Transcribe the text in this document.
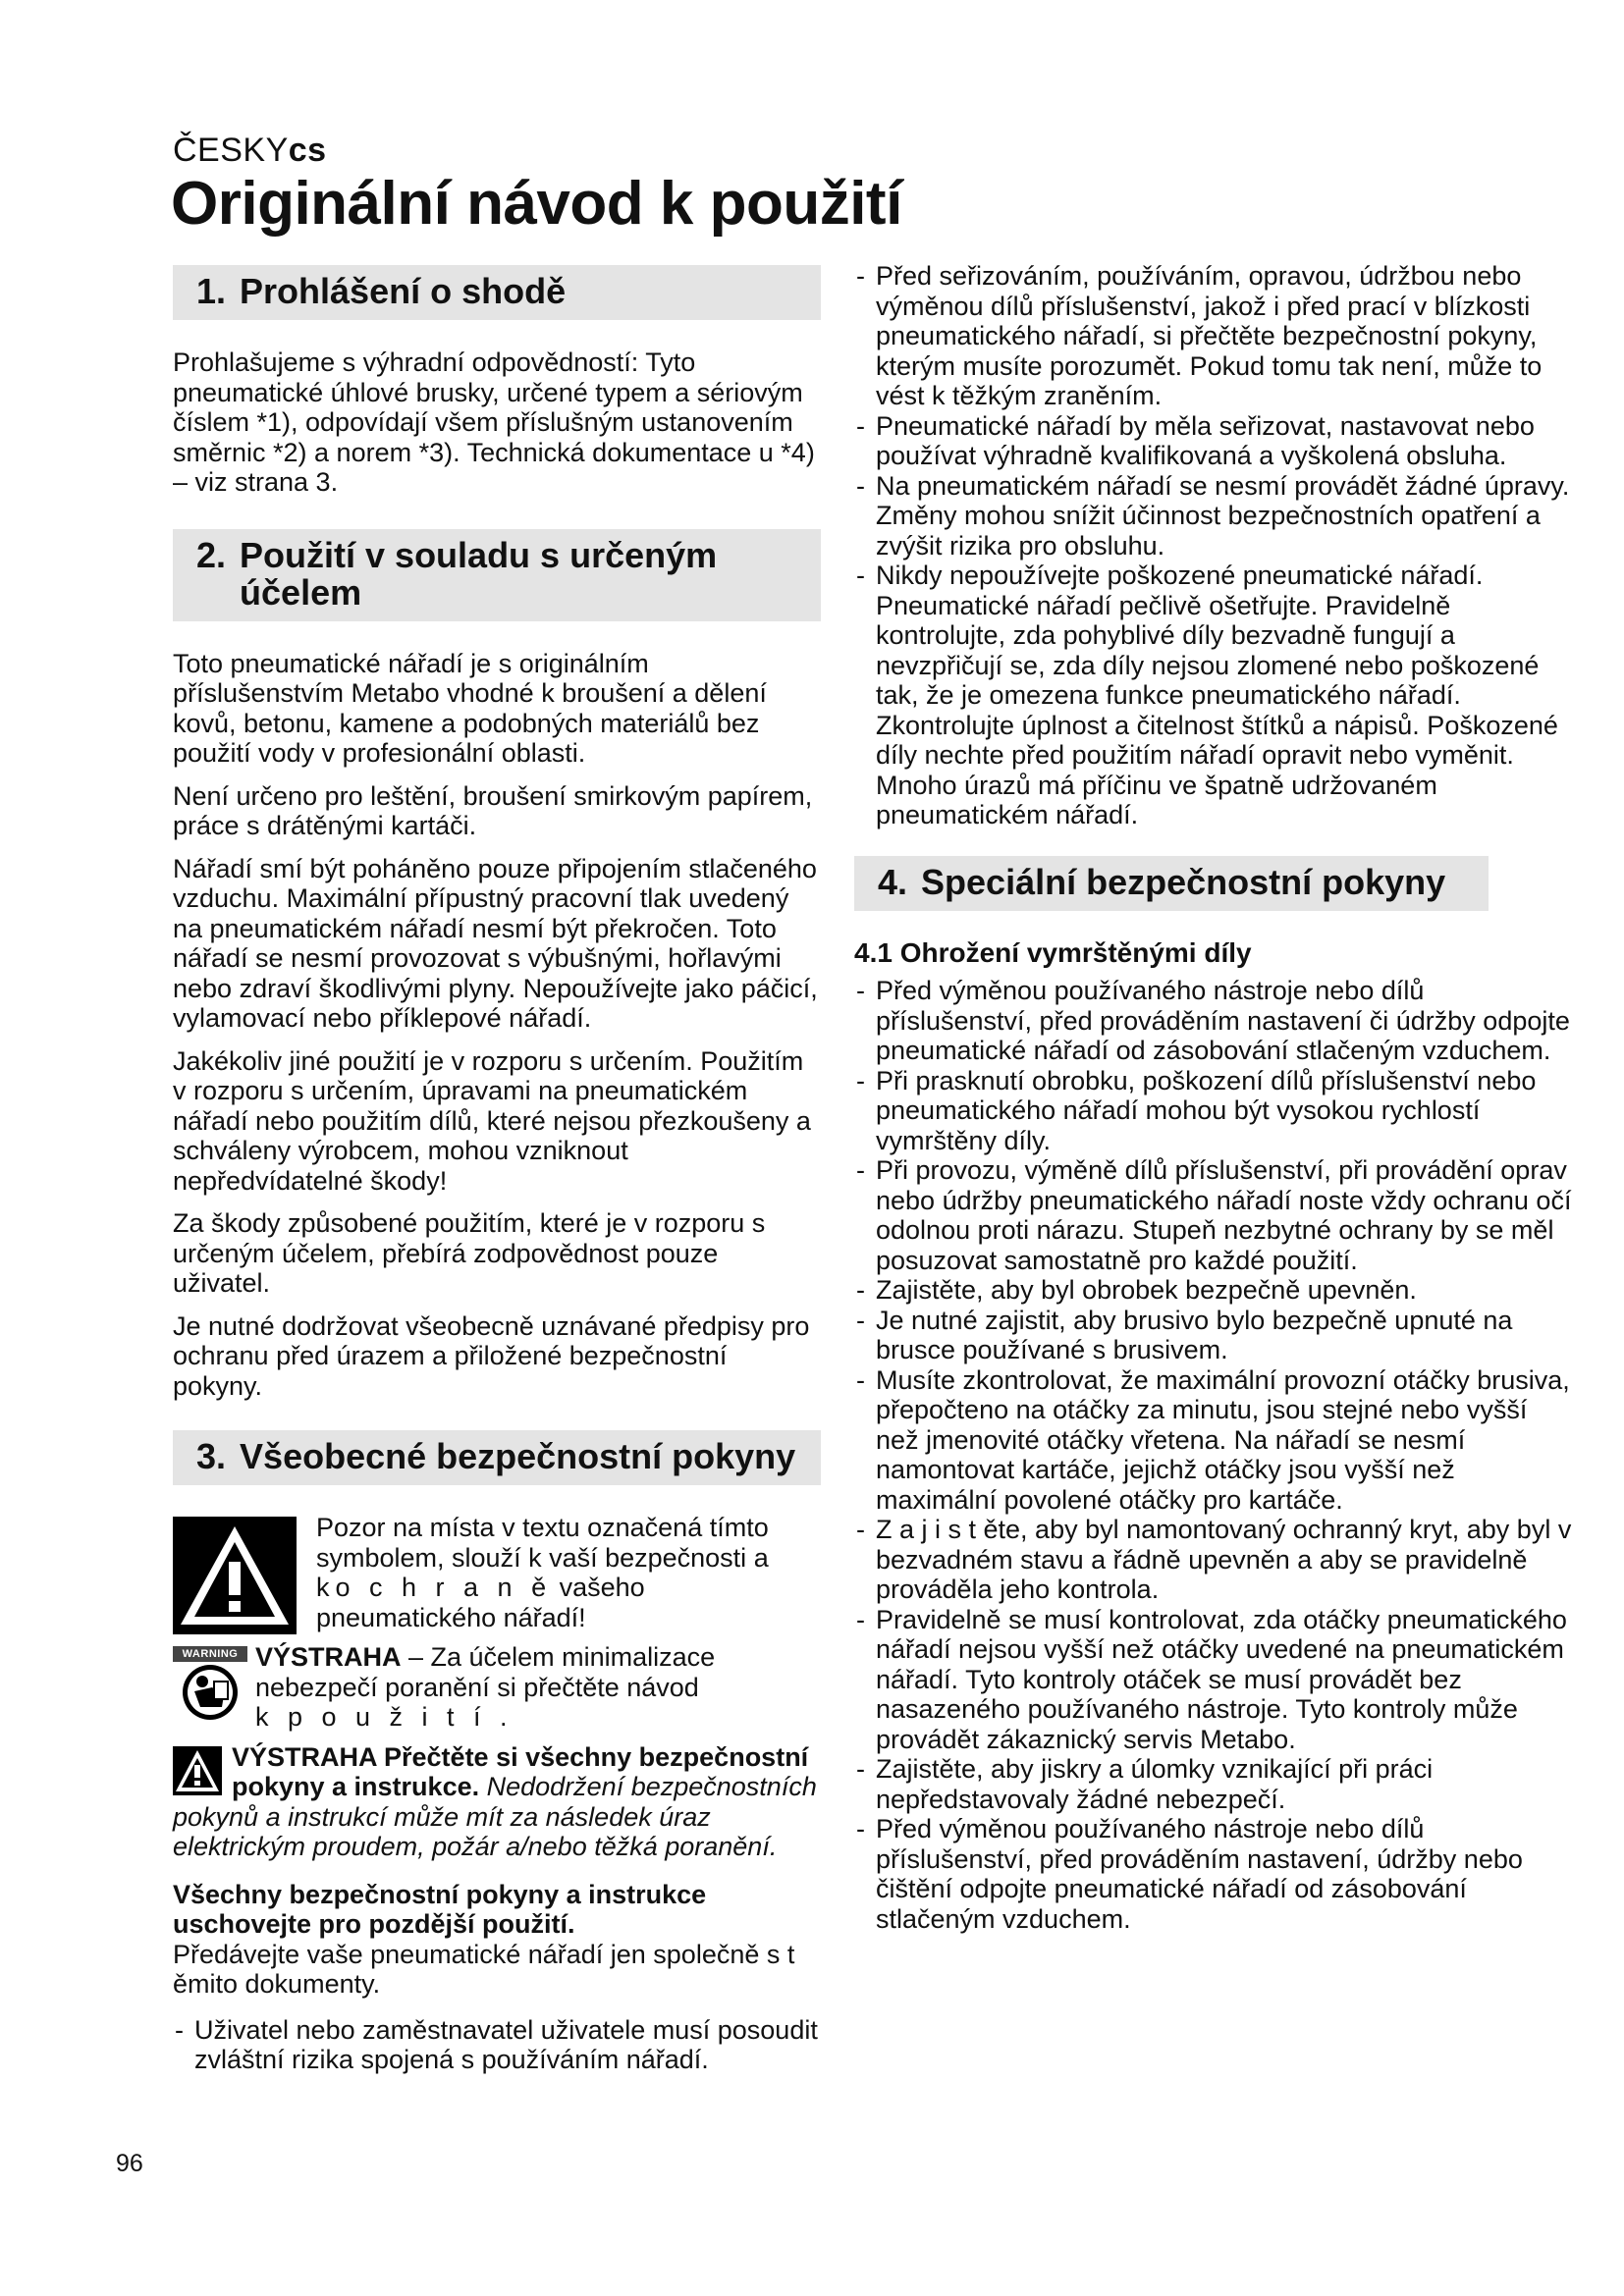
ČESKYcs
Originální návod k použití
1. Prohlášení o shodě

Prohlašujeme s výhradní odpovědností: Tyto pneumatické úhlové brusky, určené typem a sériovým číslem *1), odpovídají všem příslušným ustanovením směrnic *2) a norem *3). Technická dokumentace u *4) – viz strana 3.

2. Použití v souladu s určeným účelem

Toto pneumatické nářadí je s originálním příslušenstvím Metabo vhodné k broušení a dělení kovů, betonu, kamene a podobných materiálů bez použití vody v profesionální oblasti.

Není určeno pro leštění, broušení smirkovým papírem, práce s drátěnými kartáči.

Nářadí smí být poháněno pouze připojením stlačeného vzduchu. Maximální přípustný pracovní tlak uvedený na pneumatickém nářadí nesmí být překročen. Toto nářadí se nesmí provozovat s výbušnými, hořlavými nebo zdraví škodlivými plyny. Nepoužívejte jako páčicí, vylamovací nebo příklepové nářadí.

Jakékoliv jiné použití je v rozporu s určením. Použitím v rozporu s určením, úpravami na pneumatickém nářadí nebo použitím dílů, které nejsou přezkoušeny a schváleny výrobcem, mohou vzniknout nepředvídatelné škody!

Za škody způsobené použitím, které je v rozporu s určeným účelem, přebírá zodpovědnost pouze uživatel.

Je nutné dodržovat všeobecně uznávané předpisy pro ochranu před úrazem a přiložené bezpečnostní pokyny.

3. Všeobecné bezpečnostní pokyny
Pozor na místa v textu označená tímto symbolem, slouží k vaší bezpečnosti a ko c h r a n ě vašeho pneumatického nářadí!
WARNING VÝSTRAHA – Za účelem minimalizace nebezpečí poranění si přečtěte návod
k p o u ž i t í .
VÝSTRAHA Přečtěte si všechny bezpečnostní pokyny a instrukce. Nedodržení bezpečnostních pokynů a instrukcí může mít za následek úraz elektrickým proudem, požár a/nebo těžká poranění.

Všechny bezpečnostní pokyny a instrukce uschovejte pro pozdější použití.
Předávejte vaše pneumatické nářadí jen společně s t ěmito dokumenty.

- Uživatel nebo zaměstnavatel uživatele musí posoudit zvláštní rizika spojená s používáním nářadí.
- Před seřizováním, používáním, opravou, údržbou nebo výměnou dílů příslušenství, jakož i před prací v blízkosti pneumatického nářadí, si přečtěte bezpečnostní pokyny, kterým musíte porozumět. Pokud tomu tak není, může to vést k těžkým zraněním.
- Pneumatické nářadí by měla seřizovat, nastavovat nebo používat výhradně kvalifikovaná a vyškolená obsluha.
- Na pneumatickém nářadí se nesmí provádět žádné úpravy. Změny mohou snížit účinnost bezpečnostních opatření a zvýšit rizika pro obsluhu.
- Nikdy nepoužívejte poškozené pneumatické nářadí. Pneumatické nářadí pečlivě ošetřujte. Pravidelně kontrolujte, zda pohyblivé díly bezvadně fungují a nevzpřičují se, zda díly nejsou zlomené nebo poškozené tak, že je omezena funkce pneumatického nářadí. Zkontrolujte úplnost a čitelnost štítků a nápisů. Poškozené díly nechte před použitím nářadí opravit nebo vyměnit. Mnoho úrazů má příčinu ve špatně udržovaném pneumatickém nářadí.
4. Speciální bezpečnostní pokyny
4.1 Ohrožení vymrštěnými díly
- Před výměnou používaného nástroje nebo dílů příslušenství, před prováděním nastavení či údržby odpojte pneumatické nářadí od zásobování stlačeným vzduchem.
- Při prasknutí obrobku, poškození dílů příslušenství nebo pneumatického nářadí mohou být vysokou rychlostí vymrštěny díly.
- Při provozu, výměně dílů příslušenství, při provádění oprav nebo údržby pneumatického nářadí noste vždy ochranu očí odolnou proti nárazu. Stupeň nezbytné ochrany by se měl posuzovat samostatně pro každé použití.
- Zajistěte, aby byl obrobek bezpečně upevněn.
- Je nutné zajistit, aby brusivo bylo bezpečně upnuté na brusce používané s brusivem.
- Musíte zkontrolovat, že maximální provozní otáčky brusiva, přepočteno na otáčky za minutu, jsou stejné nebo vyšší než jmenovité otáčky vřetena. Na nářadí se nesmí namontovat kartáče, jejichž otáčky jsou vyšší než maximální povolené otáčky pro kartáče.
- Z a j i s t ěte, aby byl namontovaný ochranný kryt, aby byl v bezvadném stavu a řádně upevněn a aby se pravidelně prováděla jeho kontrola.
- Pravidelně se musí kontrolovat, zda otáčky pneumatického nářadí nejsou vyšší než otáčky uvedené na pneumatickém nářadí. Tyto kontroly otáček se musí provádět bez nasazeného používaného nástroje. Tyto kontroly může provádět zákaznický servis Metabo.
- Zajistěte, aby jiskry a úlomky vznikající při práci nepředstavovaly žádné nebezpečí.
- Před výměnou používaného nástroje nebo dílů příslušenství, před prováděním nastavení, údržby nebo čištění odpojte pneumatické nářadí od zásobování stlačeným vzduchem.
96
